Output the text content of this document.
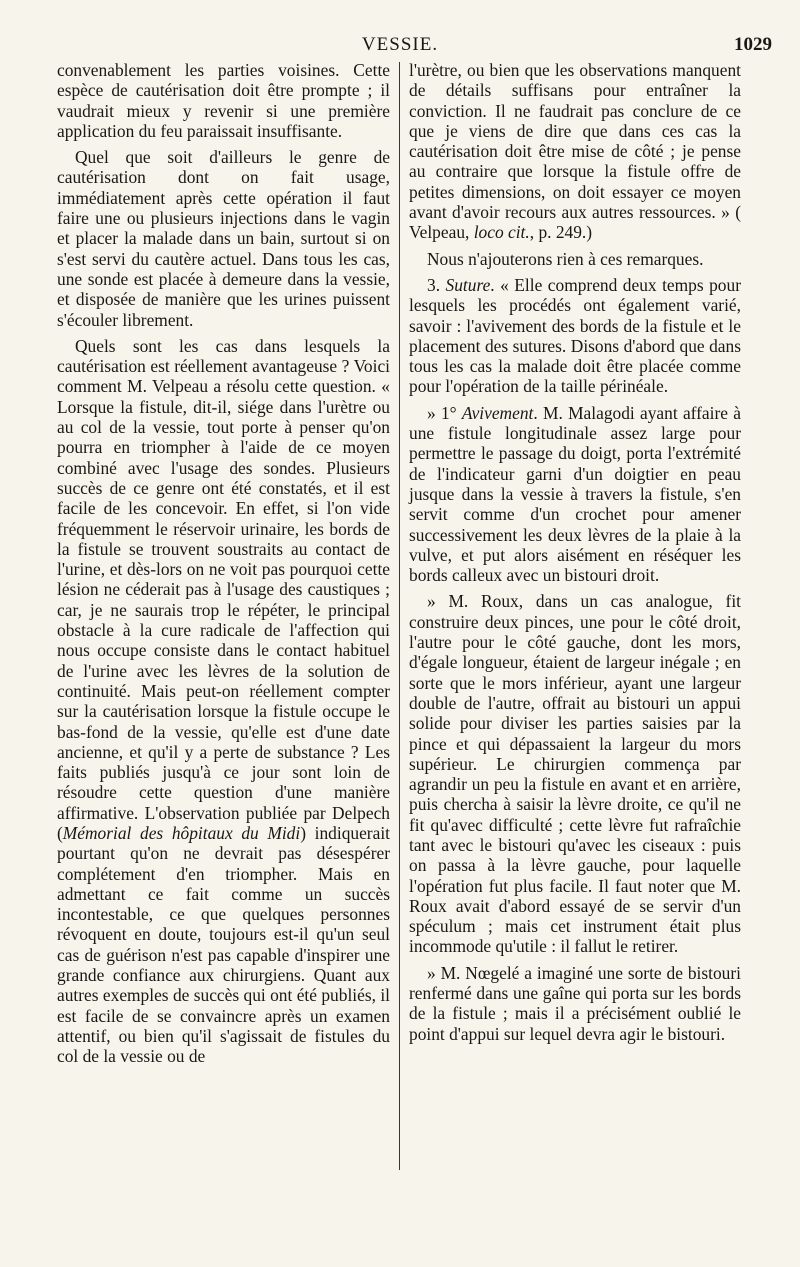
VESSIE.	1029

convenablement les parties voisines. Cette espèce de cautérisation doit être prompte ; il vaudrait mieux y revenir si une première application du feu paraissait insuffisante.

Quel que soit d'ailleurs le genre de cautérisation dont on fait usage, immédiatement après cette opération il faut faire une ou plusieurs injections dans le vagin et placer la malade dans un bain, surtout si on s'est servi du cautère actuel. Dans tous les cas, une sonde est placée à demeure dans la vessie, et disposée de manière que les urines puissent s'écouler librement.

Quels sont les cas dans lesquels la cautérisation est réellement avantageuse ? Voici comment M. Velpeau a résolu cette question. « Lorsque la fistule, dit-il, siége dans l'urètre ou au col de la vessie, tout porte à penser qu'on pourra en triompher à l'aide de ce moyen combiné avec l'usage des sondes. Plusieurs succès de ce genre ont été constatés, et il est facile de les concevoir. En effet, si l'on vide fréquemment le réservoir urinaire, les bords de la fistule se trouvent soustraits au contact de l'urine, et dès-lors on ne voit pas pourquoi cette lésion ne céderait pas à l'usage des caustiques ; car, je ne saurais trop le répéter, le principal obstacle à la cure radicale de l'affection qui nous occupe consiste dans le contact habituel de l'urine avec les lèvres de la solution de continuité. Mais peut-on réellement compter sur la cautérisation lorsque la fistule occupe le bas-fond de la vessie, qu'elle est d'une date ancienne, et qu'il y a perte de substance ? Les faits publiés jusqu'à ce jour sont loin de résoudre cette question d'une manière affirmative. L'observation publiée par Delpech (Mémorial des hôpitaux du Midi) indiquerait pourtant qu'on ne devrait pas désespérer complétement d'en triompher. Mais en admettant ce fait comme un succès incontestable, ce que quelques personnes révoquent en doute, toujours est-il qu'un seul cas de guérison n'est pas capable d'inspirer une grande confiance aux chirurgiens. Quant aux autres exemples de succès qui ont été publiés, il est facile de se convaincre après un examen attentif, ou bien qu'il s'agissait de fistules du col de la vessie ou de

l'urètre, ou bien que les observations manquent de détails suffisans pour entraîner la conviction. Il ne faudrait pas conclure de ce que je viens de dire que dans ces cas la cautérisation doit être mise de côté ; je pense au contraire que lorsque la fistule offre de petites dimensions, on doit essayer ce moyen avant d'avoir recours aux autres ressources. » ( Velpeau, loco cit., p. 249.)

Nous n'ajouterons rien à ces remarques.

3. Suture. « Elle comprend deux temps pour lesquels les procédés ont également varié, savoir : l'avivement des bords de la fistule et le placement des sutures. Disons d'abord que dans tous les cas la malade doit être placée comme pour l'opération de la taille périnéale.

» 1° Avivement. M. Malagodi ayant affaire à une fistule longitudinale assez large pour permettre le passage du doigt, porta l'extrémité de l'indicateur garni d'un doigtier en peau jusque dans la vessie à travers la fistule, s'en servit comme d'un crochet pour amener successivement les deux lèvres de la plaie à la vulve, et put alors aisément en réséquer les bords calleux avec un bistouri droit.

» M. Roux, dans un cas analogue, fit construire deux pinces, une pour le côté droit, l'autre pour le côté gauche, dont les mors, d'égale longueur, étaient de largeur inégale ; en sorte que le mors inférieur, ayant une largeur double de l'autre, offrait au bistouri un appui solide pour diviser les parties saisies par la pince et qui dépassaient la largeur du mors supérieur. Le chirurgien commença par agrandir un peu la fistule en avant et en arrière, puis chercha à saisir la lèvre droite, ce qu'il ne fit qu'avec difficulté ; cette lèvre fut rafraîchie tant avec le bistouri qu'avec les ciseaux : puis on passa à la lèvre gauche, pour laquelle l'opération fut plus facile. Il faut noter que M. Roux avait d'abord essayé de se servir d'un spéculum ; mais cet instrument était plus incommode qu'utile : il fallut le retirer.

» M. Nœgelé a imaginé une sorte de bistouri renfermé dans une gaîne qui porta sur les bords de la fistule ; mais il a précisément oublié le point d'appui sur lequel devra agir le bistouri.
